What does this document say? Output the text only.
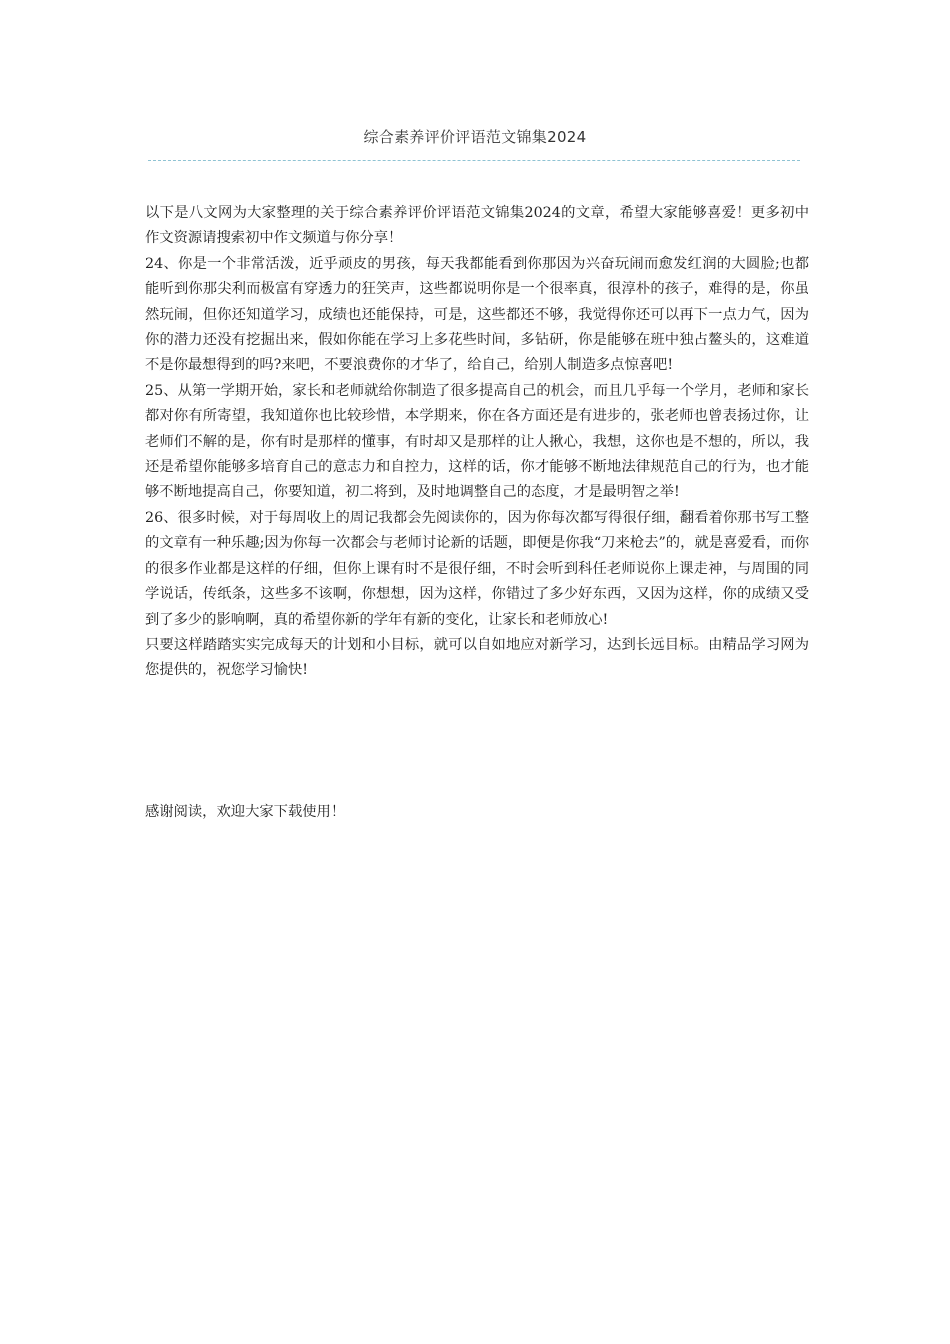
综合素养评价评语范文锦集2024

以下是八文网为大家整理的关于综合素养评价评语范文锦集2024的文章，希望大家能够喜爱！更多初中作文资源请搜索初中作文频道与你分享！

24、你是一个非常活泼，近乎顽皮的男孩，每天我都能看到你那因为兴奋玩闹而愈发红润的大圆脸;也都能听到你那尖利而极富有穿透力的狂笑声，这些都说明你是一个很率真，很淳朴的孩子，难得的是，你虽然玩闹，但你还知道学习，成绩也还能保持，可是，这些都还不够，我觉得你还可以再下一点力气，因为你的潜力还没有挖掘出来，假如你能在学习上多花些时间，多钻研，你是能够在班中独占鳌头的，这难道不是你最想得到的吗?来吧，不要浪费你的才华了，给自己，给别人制造多点惊喜吧!

25、从第一学期开始，家长和老师就给你制造了很多提高自己的机会，而且几乎每一个学月，老师和家长都对你有所寄望，我知道你也比较珍惜，本学期来，你在各方面还是有进步的，张老师也曾表扬过你，让老师们不解的是，你有时是那样的懂事，有时却又是那样的让人揪心，我想，这你也是不想的，所以，我还是希望你能够多培育自己的意志力和自控力，这样的话，你才能够不断地法律规范自己的行为，也才能够不断地提高自己，你要知道，初二将到，及时地调整自己的态度，才是最明智之举!

26、很多时候，对于每周收上的周记我都会先阅读你的，因为你每次都写得很仔细，翻看着你那书写工整的文章有一种乐趣;因为你每一次都会与老师讨论新的话题，即便是你我“刀来枪去”的，就是喜爱看，而你的很多作业都是这样的仔细，但你上课有时不是很仔细，不时会听到科任老师说你上课走神，与周围的同学说话，传纸条，这些多不该啊，你想想，因为这样，你错过了多少好东西，又因为这样，你的成绩又受到了多少的影响啊，真的希望你新的学年有新的变化，让家长和老师放心!

只要这样踏踏实实完成每天的计划和小目标，就可以自如地应对新学习，达到长远目标。由精品学习网为您提供的，祝您学习愉快!

感谢阅读，欢迎大家下载使用！
